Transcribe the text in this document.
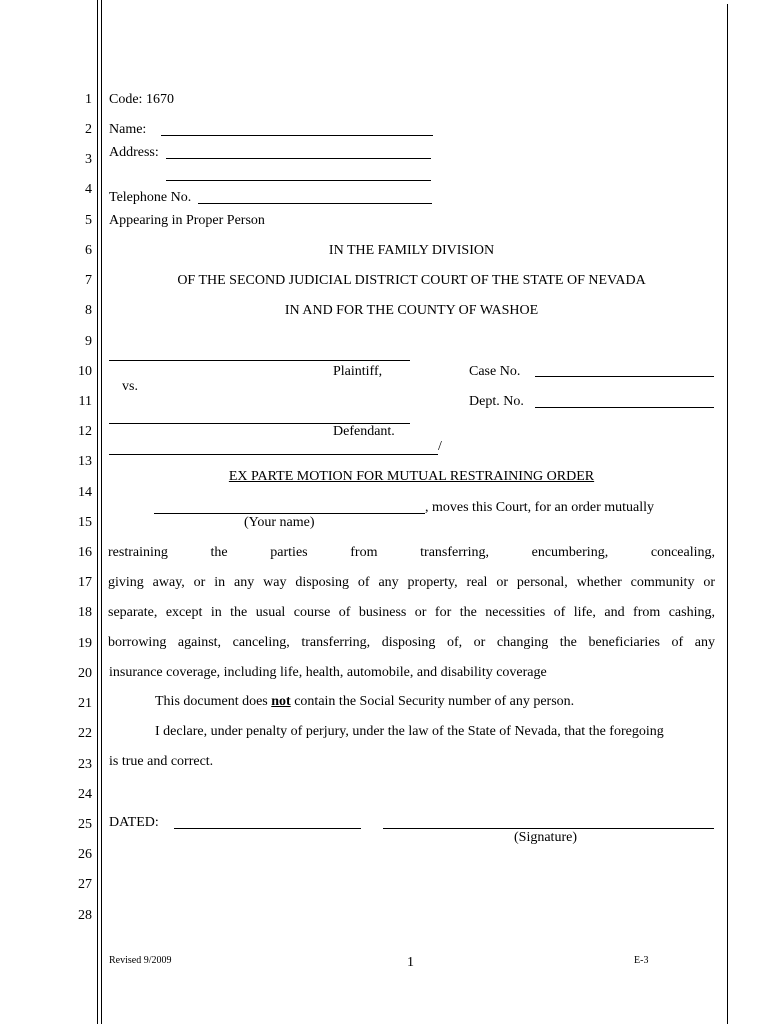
1
2
3
4
5
6
7
8
9
10
11
12
13
14
15
16
17
18
19
20
21
22
23
24
25
26
27
28
Code: 1670
Name:
Address:
Telephone No.
Appearing in Proper Person
IN THE FAMILY DIVISION
OF THE SECOND JUDICIAL DISTRICT COURT OF THE STATE OF NEVADA
IN AND FOR THE COUNTY OF WASHOE
Plaintiff,
vs.
Defendant.
/
Case No.
Dept. No.
EX PARTE MOTION FOR MUTUAL RESTRAINING ORDER
, moves this Court, for an order mutually
(Your name)
restraining the parties from transferring, encumbering, concealing,
giving away, or in any way disposing of any property, real or personal, whether community or
separate, except in the usual course of business or for the necessities of life, and from cashing,
borrowing against, canceling, transferring, disposing of, or changing the beneficiaries of any
insurance coverage, including life, health, automobile, and disability coverage
This document does not contain the Social Security number of any person.
I declare, under penalty of perjury, under the law of the State of Nevada, that the foregoing
is true and correct.
DATED:
(Signature)
Revised 9/2009	1	E-3
